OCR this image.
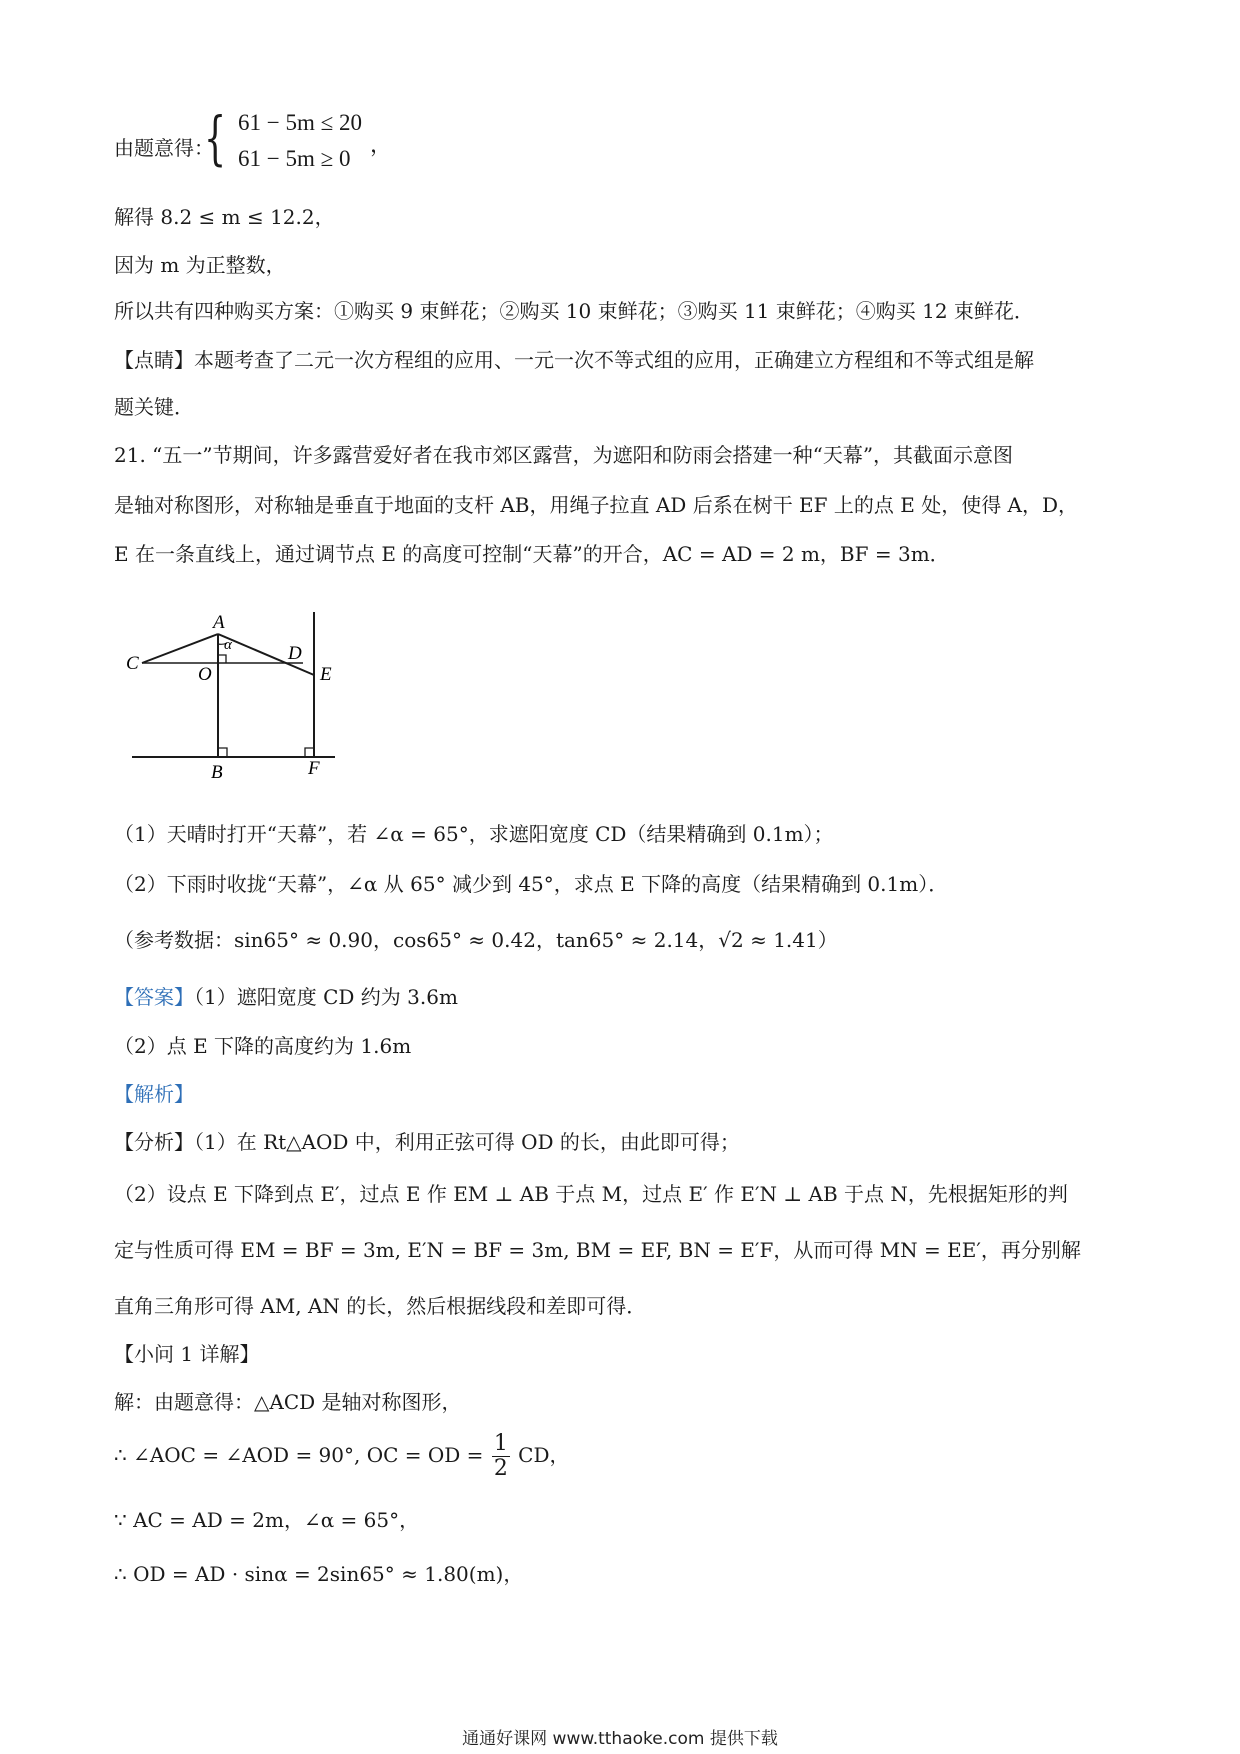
由题意得：
{ 61 − 5m ≤ 20
61 − 5m ≥ 0
，
解得 8.2 ≤ m ≤ 12.2，
因为 m 为正整数，
所以共有四种购买方案：①购买 9 束鲜花；②购买 10 束鲜花；③购买 11 束鲜花；④购买 12 束鲜花．
【点睛】本题考查了二元一次方程组的应用、一元一次不等式组的应用，正确建立方程组和不等式组是解
题关键．
21. “五一”节期间，许多露营爱好者在我市郊区露营，为遮阳和防雨会搭建一种“天幕”，其截面示意图
是轴对称图形，对称轴是垂直于地面的支杆 AB，用绳子拉直 AD 后系在树干 EF 上的点 E 处，使得 A，D，
E 在一条直线上，通过调节点 E 的高度可控制“天幕”的开合，AC = AD = 2 m，BF = 3m．
A
α
C
O
D
E
B	F
（1）天晴时打开“天幕”，若 ∠α = 65°，求遮阳宽度 CD（结果精确到 0.1m）；
（2）下雨时收拢“天幕”，∠α 从 65° 减少到 45°，求点 E 下降的高度（结果精确到 0.1m）．
（参考数据：sin65° ≈ 0.90，cos65° ≈ 0.42，tan65° ≈ 2.14，√2 ≈ 1.41）
【答案】（1）遮阳宽度 CD 约为 3.6m
（2）点 E 下降的高度约为 1.6m
【解析】
【分析】（1）在 Rt△AOD 中，利用正弦可得 OD 的长，由此即可得；
（2）设点 E 下降到点 E′，过点 E 作 EM ⊥ AB 于点 M，过点 E′ 作 E′N ⊥ AB 于点 N，先根据矩形的判
定与性质可得 EM = BF = 3m, E′N = BF = 3m, BM = EF, BN = E′F，从而可得 MN = EE′，再分别解
直角三角形可得 AM, AN 的长，然后根据线段和差即可得．
【小问 1 详解】
解：由题意得：△ACD 是轴对称图形，
∴ ∠AOC = ∠AOD = 90°, OC = OD = $\frac{1}{2}$ CD，
∵ AC = AD = 2m，∠α = 65°，
∴ OD = AD · sinα = 2sin65° ≈ 1.80(m)，
通通好课网 www.tthaoke.com 提供下载
